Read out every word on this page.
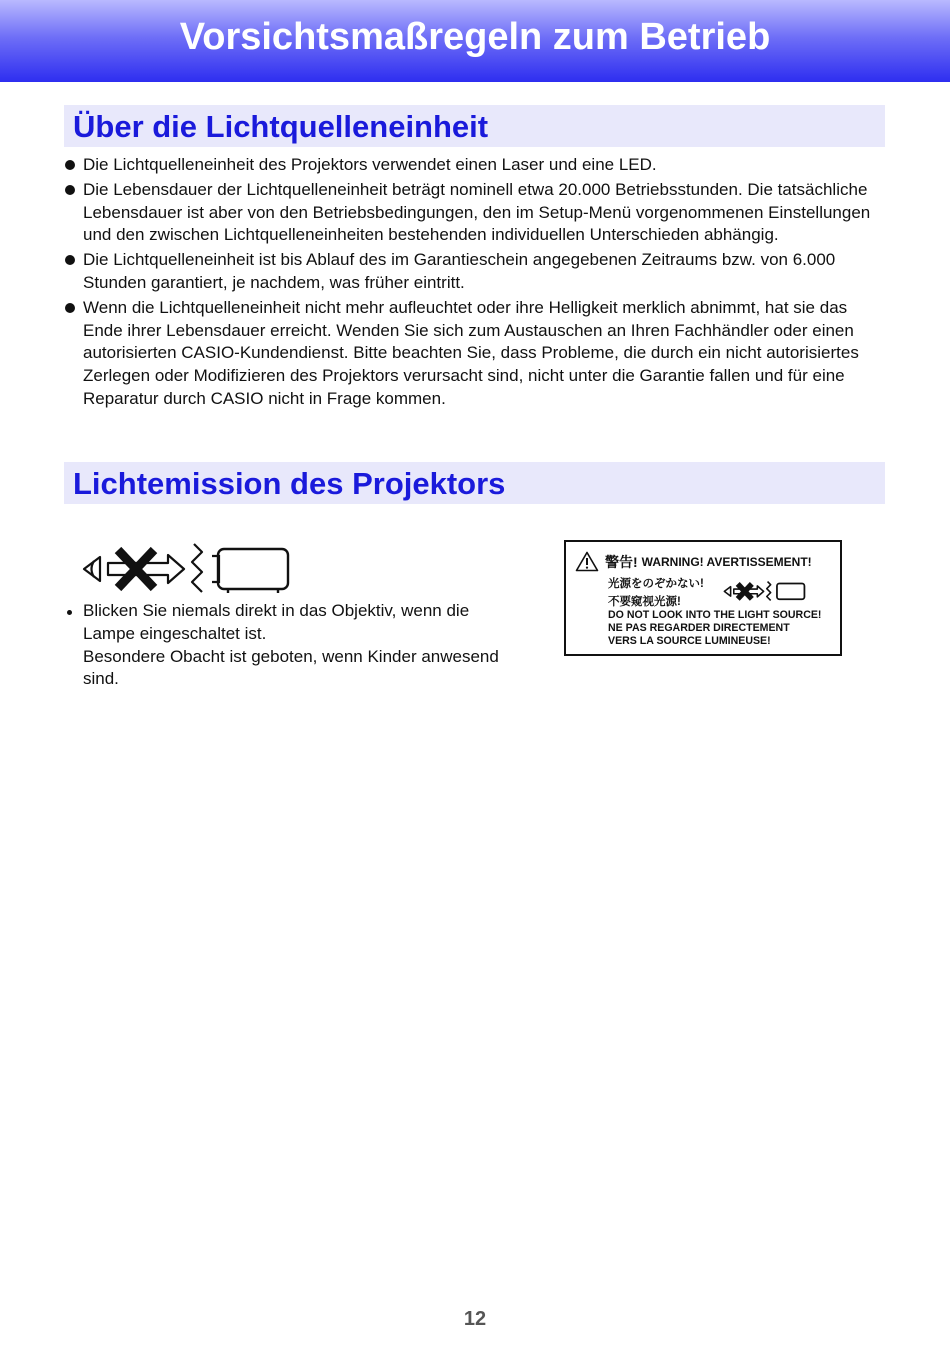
Vorsichtsmaßregeln zum Betrieb
Über die Lichtquelleneinheit
Die Lichtquelleneinheit des Projektors verwendet einen Laser und eine LED.
Die Lebensdauer der Lichtquelleneinheit beträgt nominell etwa 20.000 Betriebsstunden. Die tatsächliche Lebensdauer ist aber von den Betriebsbedingungen, den im Setup-Menü vorgenommenen Einstellungen und den zwischen Lichtquelleneinheiten bestehenden individuellen Unterschieden abhängig.
Die Lichtquelleneinheit ist bis Ablauf des im Garantieschein angegebenen Zeitraums bzw. von 6.000 Stunden garantiert, je nachdem, was früher eintritt.
Wenn die Lichtquelleneinheit nicht mehr aufleuchtet oder ihre Helligkeit merklich abnimmt, hat sie das Ende ihrer Lebensdauer erreicht. Wenden Sie sich zum Austauschen an Ihren Fachhändler oder einen autorisierten CASIO-Kundendienst. Bitte beachten Sie, dass Probleme, die durch ein nicht autorisiertes Zerlegen oder Modifizieren des Projektors verursacht sind, nicht unter die Garantie fallen und für eine Reparatur durch CASIO nicht in Frage kommen.
Lichtemission des Projektors
Blicken Sie niemals direkt in das Objektiv, wenn die
Lampe eingeschaltet ist.
Besondere Obacht ist geboten, wenn Kinder anwesend
sind.
警告! WARNING! AVERTISSEMENT!
光源をのぞかない!
不要窥视光源!
DO NOT LOOK INTO THE LIGHT SOURCE!
NE PAS REGARDER DIRECTEMENT
VERS LA SOURCE LUMINEUSE!
12
